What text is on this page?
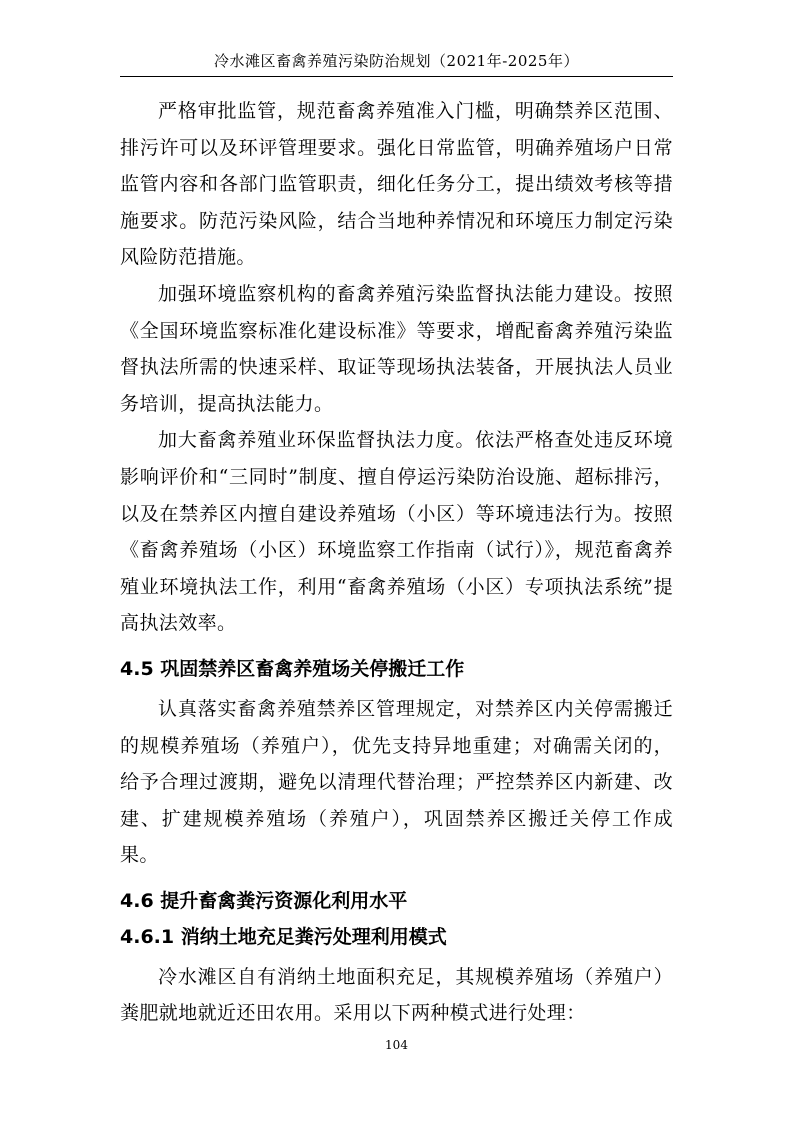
冷水滩区畜禽养殖污染防治规划（2021年-2025年）

严格审批监管，规范畜禽养殖准入门槛，明确禁养区范围、排污许可以及环评管理要求。强化日常监管，明确养殖场户日常监管内容和各部门监管职责，细化任务分工，提出绩效考核等措施要求。防范污染风险，结合当地种养情况和环境压力制定污染风险防范措施。

加强环境监察机构的畜禽养殖污染监督执法能力建设。按照《全国环境监察标准化建设标准》等要求，增配畜禽养殖污染监督执法所需的快速采样、取证等现场执法装备，开展执法人员业务培训，提高执法能力。

加大畜禽养殖业环保监督执法力度。依法严格查处违反环境影响评价和“三同时”制度、擅自停运污染防治设施、超标排污，以及在禁养区内擅自建设养殖场（小区）等环境违法行为。按照《畜禽养殖场（小区）环境监察工作指南（试行）》，规范畜禽养殖业环境执法工作，利用“畜禽养殖场（小区）专项执法系统”提高执法效率。

4.5 巩固禁养区畜禽养殖场关停搬迁工作

认真落实畜禽养殖禁养区管理规定，对禁养区内关停需搬迁的规模养殖场（养殖户），优先支持异地重建；对确需关闭的，给予合理过渡期，避免以清理代替治理；严控禁养区内新建、改建、扩建规模养殖场（养殖户），巩固禁养区搬迁关停工作成果。

4.6 提升畜禽粪污资源化利用水平
4.6.1 消纳土地充足粪污处理利用模式

冷水滩区自有消纳土地面积充足，其规模养殖场（养殖户）粪肥就地就近还田农用。采用以下两种模式进行处理：

104
